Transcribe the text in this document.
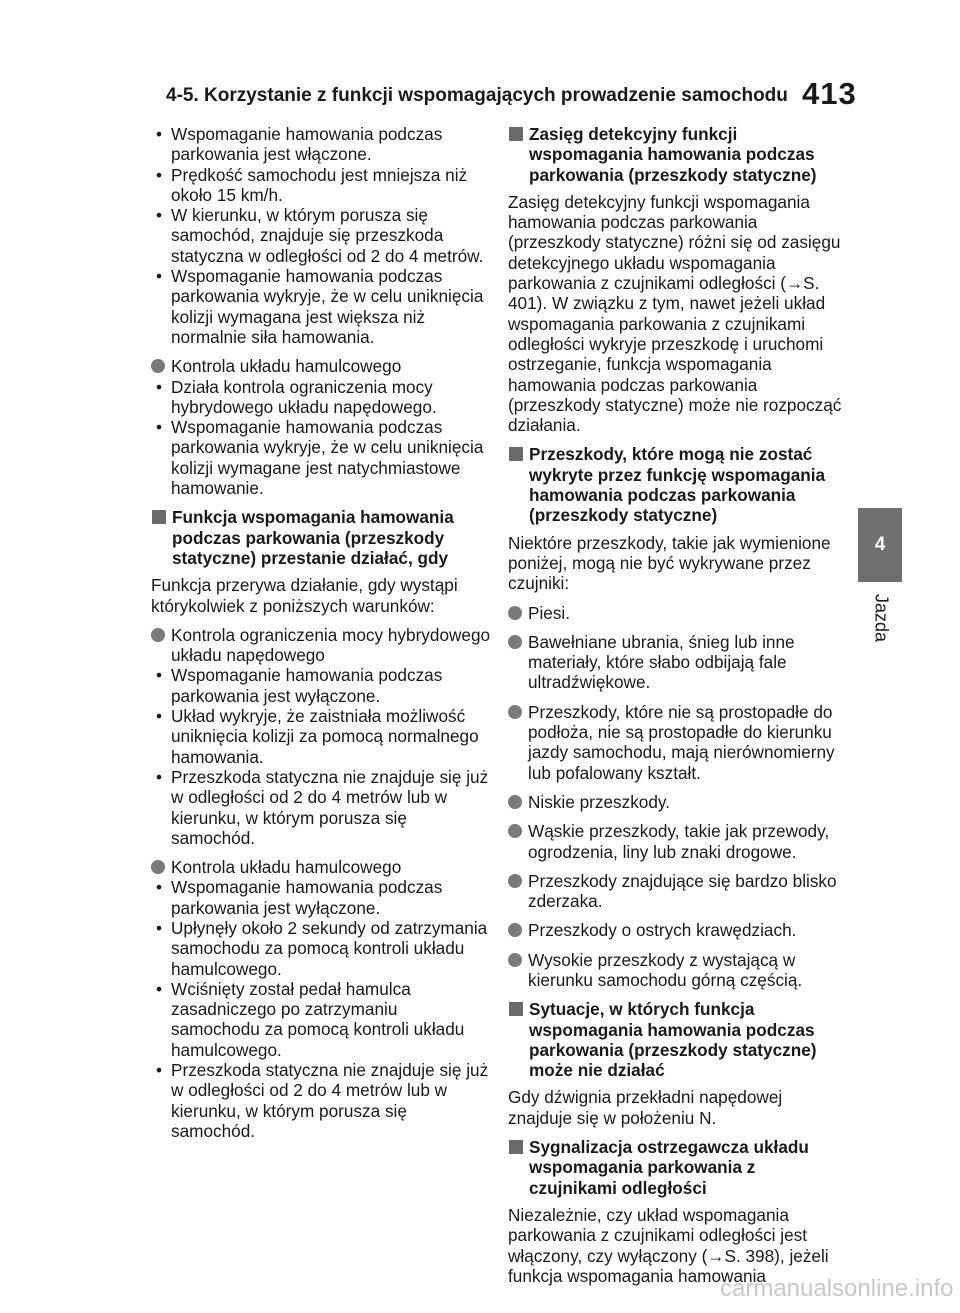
4-5. Korzystanie z funkcji wspomagających prowadzenie samochodu 413
4
Jazda
• Wspomaganie hamowania podczas parkowania jest włączone.
• Prędkość samochodu jest mniejsza niż około 15 km/h.
• W kierunku, w którym porusza się samochód, znajduje się przeszkoda statyczna w odległości od 2 do 4 metrów.
• Wspomaganie hamowania podczas parkowania wykryje, że w celu uniknięcia kolizji wymagana jest większa niż normalnie siła hamowania.
Kontrola układu hamulcowego
• Działa kontrola ograniczenia mocy hybrydowego układu napędowego.
• Wspomaganie hamowania podczas parkowania wykryje, że w celu uniknięcia kolizji wymagane jest natychmiastowe hamowanie.
Funkcja wspomagania hamowania podczas parkowania (przeszkody statyczne) przestanie działać, gdy

Funkcja przerywa działanie, gdy wystąpi którykolwiek z poniższych warunków:

Kontrola ograniczenia mocy hybrydowego układu napędowego
• Wspomaganie hamowania podczas parkowania jest wyłączone.
• Układ wykryje, że zaistniała możliwość uniknięcia kolizji za pomocą normalnego hamowania.
• Przeszkoda statyczna nie znajduje się już w odległości od 2 do 4 metrów lub w kierunku, w którym porusza się samochód.
Kontrola układu hamulcowego
• Wspomaganie hamowania podczas parkowania jest wyłączone.
• Upłynęły około 2 sekundy od zatrzymania samochodu za pomocą kontroli układu hamulcowego.
• Wciśnięty został pedał hamulca zasadniczego po zatrzymaniu samochodu za pomocą kontroli układu hamulcowego.
• Przeszkoda statyczna nie znajduje się już w odległości od 2 do 4 metrów lub w kierunku, w którym porusza się samochód.
Zasięg detekcyjny funkcji wspomagania hamowania podczas parkowania (przeszkody statyczne)

Zasięg detekcyjny funkcji wspomagania hamowania podczas parkowania (przeszkody statyczne) różni się od zasięgu detekcyjnego układu wspomagania parkowania z czujnikami odległości (→S. 401). W związku z tym, nawet jeżeli układ wspomagania parkowania z czujnikami odległości wykryje przeszkodę i uruchomi ostrzeganie, funkcja wspomagania hamowania podczas parkowania (przeszkody statyczne) może nie rozpocząć działania.

Przeszkody, które mogą nie zostać wykryte przez funkcję wspomagania hamowania podczas parkowania (przeszkody statyczne)

Niektóre przeszkody, takie jak wymienione poniżej, mogą nie być wykrywane przez czujniki:

Piesi.
Bawełniane ubrania, śnieg lub inne materiały, które słabo odbijają fale ultradźwiękowe.
Przeszkody, które nie są prostopadłe do podłoża, nie są prostopadłe do kierunku jazdy samochodu, mają nierównomierny lub pofalowany kształt.
Niskie przeszkody.
Wąskie przeszkody, takie jak przewody, ogrodzenia, liny lub znaki drogowe.
Przeszkody znajdujące się bardzo blisko zderzaka.
Przeszkody o ostrych krawędziach.
Wysokie przeszkody z wystającą w kierunku samochodu górną częścią.
Sytuacje, w których funkcja wspomagania hamowania podczas parkowania (przeszkody statyczne) może nie działać

Gdy dźwignia przekładni napędowej znajduje się w położeniu N.

Sygnalizacja ostrzegawcza układu wspomagania parkowania z czujnikami odległości

Niezależnie, czy układ wspomagania parkowania z czujnikami odległości jest włączony, czy wyłączony (→S. 398), jeżeli funkcja wspomagania hamowania

carmanualsonline.info
